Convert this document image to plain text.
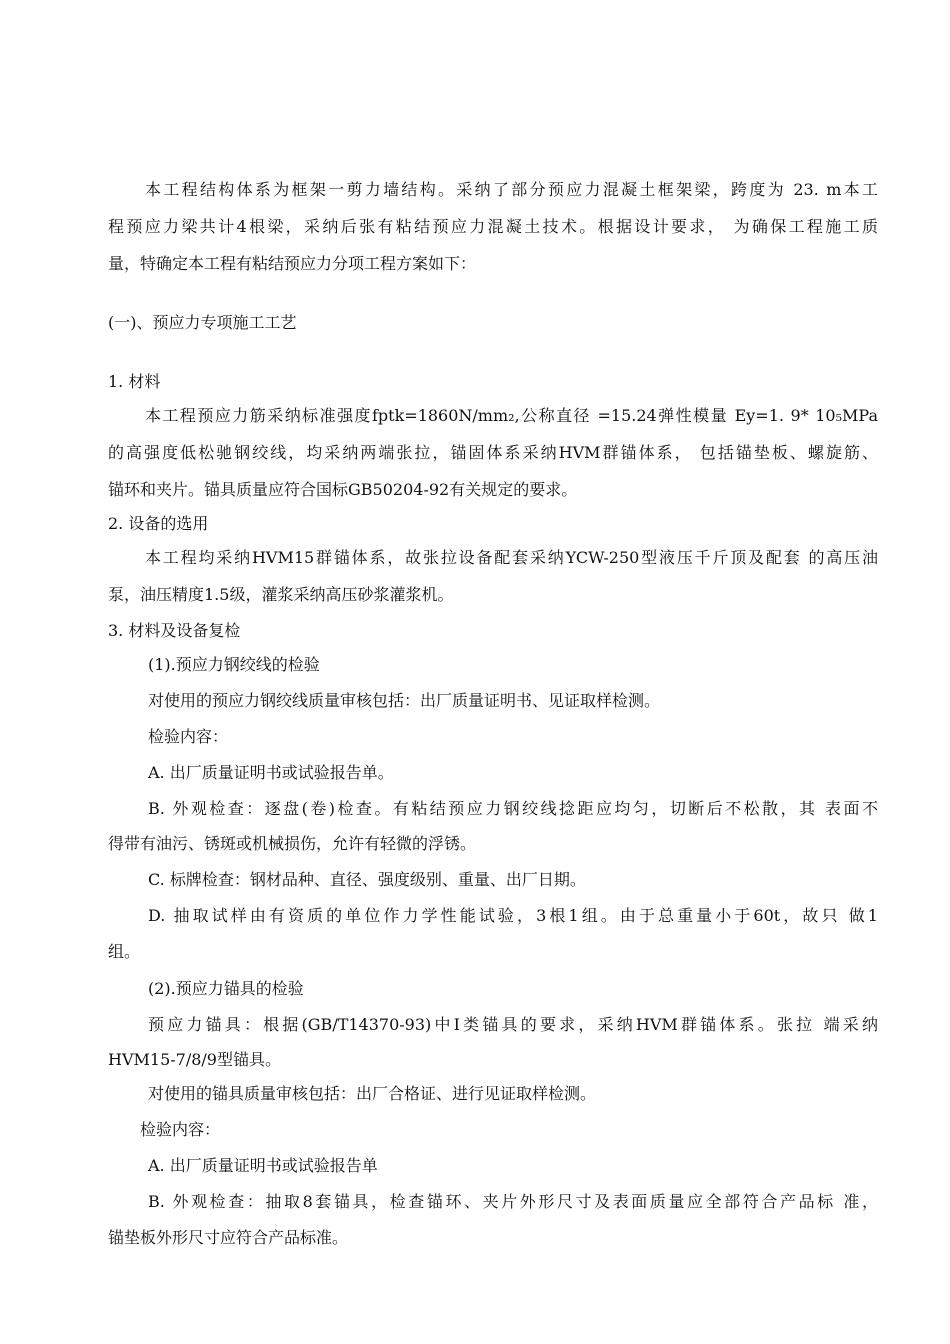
本工程结构体系为框架一剪力墙结构。采纳了部分预应力混凝土框架梁，跨度为 23. m本工
程预应力梁共计4根梁，采纳后张有粘结预应力混凝土技术。根据设计要求， 为确保工程施工质
量，特确定本工程有粘结预应力分项工程方案如下：
(一)、预应力专项施工工艺
1. 材料
本工程预应力筋采纳标准强度fptk=1860N/mm₂,公称直径 =15.24弹性模量 Ey=1. 9* 10₅MPa
的高强度低松驰钢绞线，均采纳两端张拉，锚固体系采纳HVM群锚体系， 包括锚垫板、螺旋筋、
锚环和夹片。锚具质量应符合国标GB50204-92有关规定的要求。
2. 设备的选用
本工程均采纳HVM15群锚体系，故张拉设备配套采纳YCW-250型液压千斤顶及配套 的高压油
泵，油压精度1.5级，灌浆采纳高压砂浆灌浆机。
3. 材料及设备复检
(1).预应力钢绞线的检验
对使用的预应力钢绞线质量审核包括：出厂质量证明书、见证取样检测。
检验内容：
A. 出厂质量证明书或试验报告单。
B. 外观检查：逐盘(卷)检查。有粘结预应力钢绞线捻距应均匀，切断后不松散，其 表面不
得带有油污、锈斑或机械损伤，允许有轻微的浮锈。
C. 标牌检查：钢材品种、直径、强度级别、重量、出厂日期。
D. 抽取试样由有资质的单位作力学性能试验，3根1组。由于总重量小于60t，故只 做1
组。
(2).预应力锚具的检验
预应力锚具：根据(GB/T14370-93)中Ⅰ类锚具的要求，采纳HVM群锚体系。张拉 端采纳
HVM15-7/8/9型锚具。
对使用的锚具质量审核包括：出厂合格证、进行见证取样检测。
检验内容：
A. 出厂质量证明书或试验报告单
B. 外观检查：抽取8套锚具，检查锚环、夹片外形尺寸及表面质量应全部符合产品标 准，
锚垫板外形尺寸应符合产品标准。
